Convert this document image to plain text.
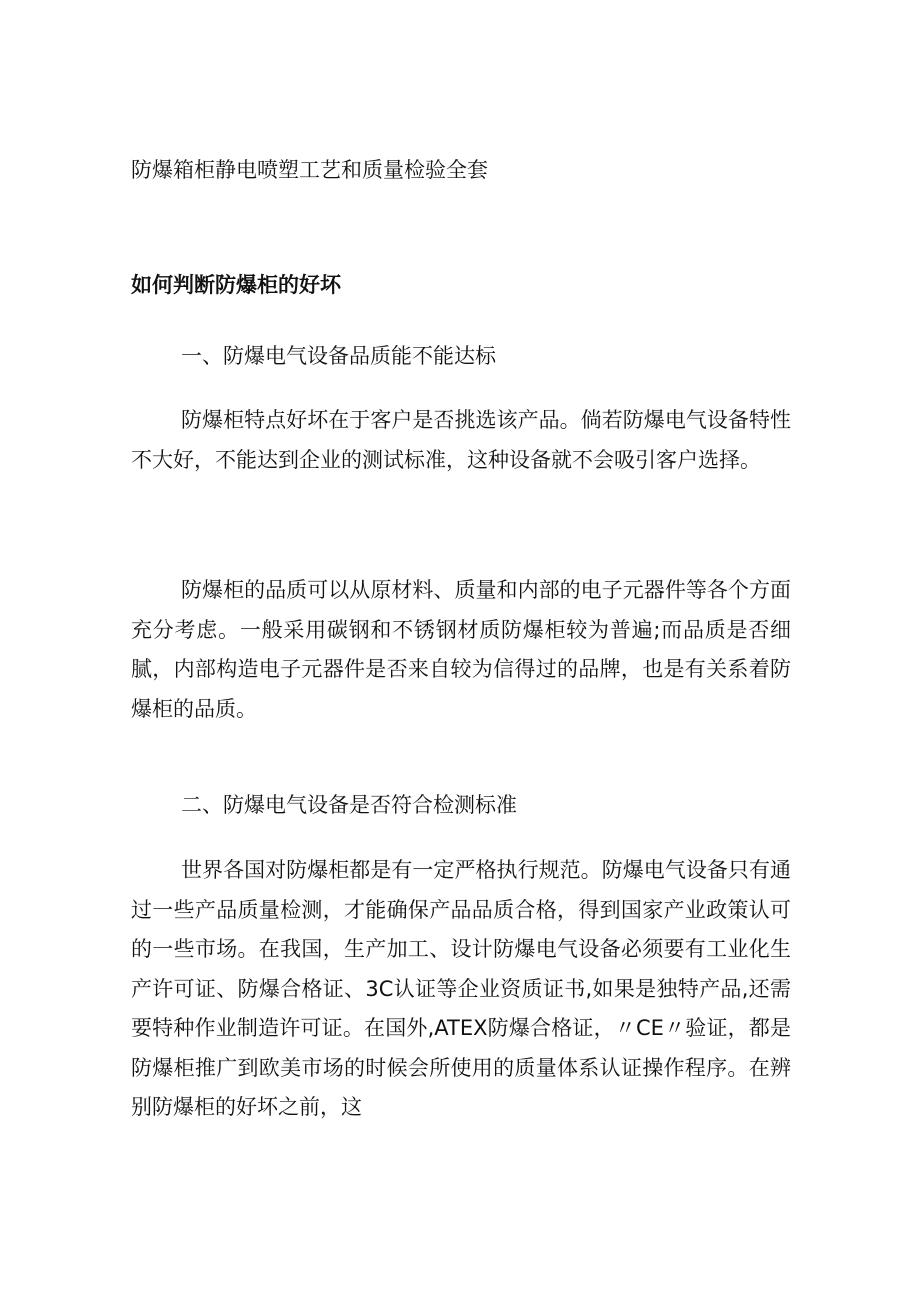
防爆箱柜静电喷塑工艺和质量检验全套
如何判断防爆柜的好坏
一、防爆电气设备品质能不能达标

防爆柜特点好坏在于客户是否挑选该产品。倘若防爆电气设备特性不大好，不能达到企业的测试标准，这种设备就不会吸引客户选择。

防爆柜的品质可以从原材料、质量和内部的电子元器件等各个方面充分考虑。一般采用碳钢和不锈钢材质防爆柜较为普遍;而品质是否细腻，内部构造电子元器件是否来自较为信得过的品牌，也是有关系着防爆柜的品质。

二、防爆电气设备是否符合检测标准

世界各国对防爆柜都是有一定严格执行规范。防爆电气设备只有通过一些产品质量检测，才能确保产品品质合格，得到国家产业政策认可的一些市场。在我国，生产加工、设计防爆电气设备必须要有工业化生产许可证、防爆合格证、3C认证等企业资质证书,如果是独特产品,还需要特种作业制造许可证。在国外,ATEX防爆合格证，〃CE〃验证，都是防爆柜推广到欧美市场的时候会所使用的质量体系认证操作程序。在辨别防爆柜的好坏之前，这
